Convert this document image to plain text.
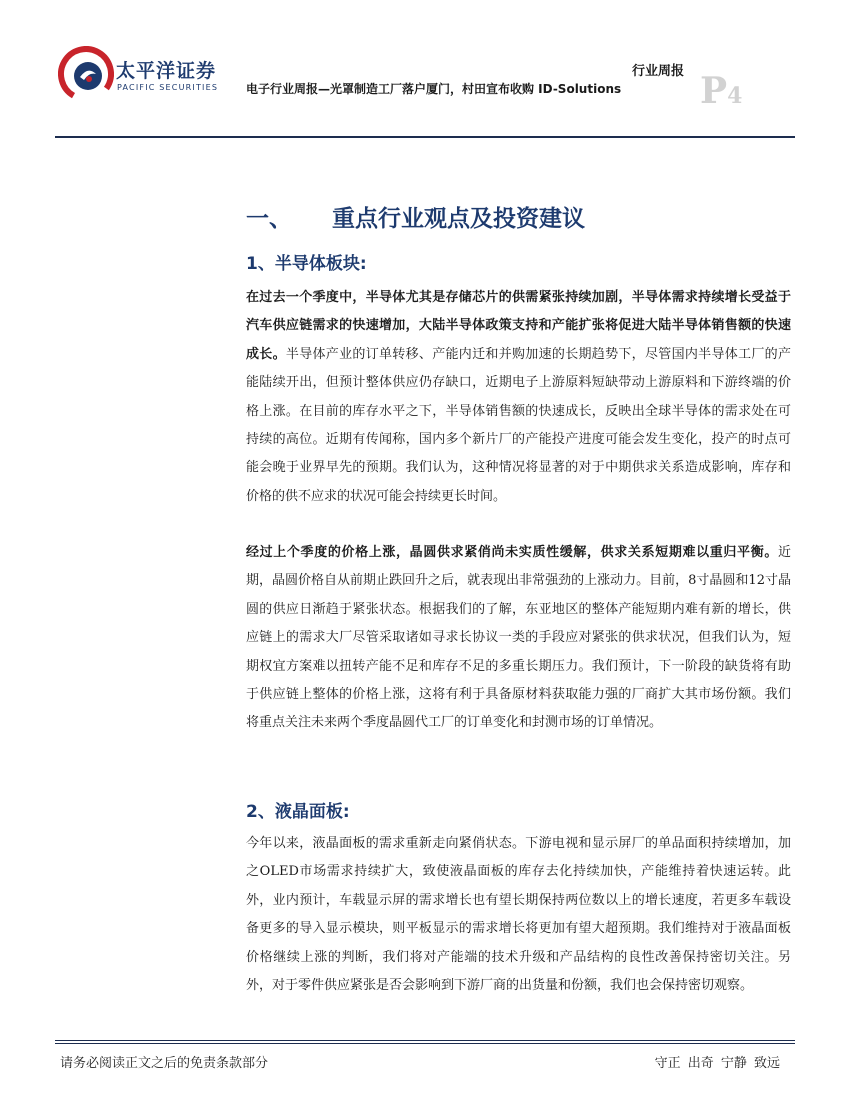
太平洋证券
PACIFIC SECURITIES
行业周报
电子行业周报—光罩制造工厂落户厦门，村田宣布收购 ID-Solutions P4
一、 重点行业观点及投资建议
1、半导体板块:

在过去一个季度中，半导体尤其是存储芯片的供需紧张持续加剧，半导体需求持续增长受益于汽车供应链需求的快速增加，大陆半导体政策支持和产能扩张将促进大陆半导体销售额的快速成长。半导体产业的订单转移、产能内迁和并购加速的长期趋势下，尽管国内半导体工厂的产能陆续开出，但预计整体供应仍存缺口，近期电子上游原料短缺带动上游原料和下游终端的价格上涨。在目前的库存水平之下，半导体销售额的快速成长，反映出全球半导体的需求处在可持续的高位。近期有传闻称，国内多个新片厂的产能投产进度可能会发生变化，投产的时点可能会晚于业界早先的预期。我们认为，这种情况将显著的对于中期供求关系造成影响，库存和价格的供不应求的状况可能会持续更长时间。

经过上个季度的价格上涨，晶圆供求紧俏尚未实质性缓解，供求关系短期难以重归平衡。近期，晶圆价格自从前期止跌回升之后，就表现出非常强劲的上涨动力。目前，8寸晶圆和12寸晶圆的供应日渐趋于紧张状态。根据我们的了解，东亚地区的整体产能短期内难有新的增长，供应链上的需求大厂尽管采取诸如寻求长协议一类的手段应对紧张的供求状况，但我们认为，短期权宜方案难以扭转产能不足和库存不足的多重长期压力。我们预计，下一阶段的缺货将有助于供应链上整体的价格上涨，这将有利于具备原材料获取能力强的厂商扩大其市场份额。我们将重点关注未来两个季度晶圆代工厂的订单变化和封测市场的订单情况。

2、液晶面板:

今年以来，液晶面板的需求重新走向紧俏状态。下游电视和显示屏厂的单品面积持续增加，加之OLED市场需求持续扩大，致使液晶面板的库存去化持续加快，产能维持着快速运转。此外，业内预计，车载显示屏的需求增长也有望长期保持两位数以上的增长速度，若更多车载设备更多的导入显示模块，则平板显示的需求增长将更加有望大超预期。我们维持对于液晶面板价格继续上涨的判断，我们将对产能端的技术升级和产品结构的良性改善保持密切关注。另外，对于零件供应紧张是否会影响到下游厂商的出货量和份额，我们也会保持密切观察。

请务必阅读正文之后的免责条款部分	守正 出奇 宁静 致远
